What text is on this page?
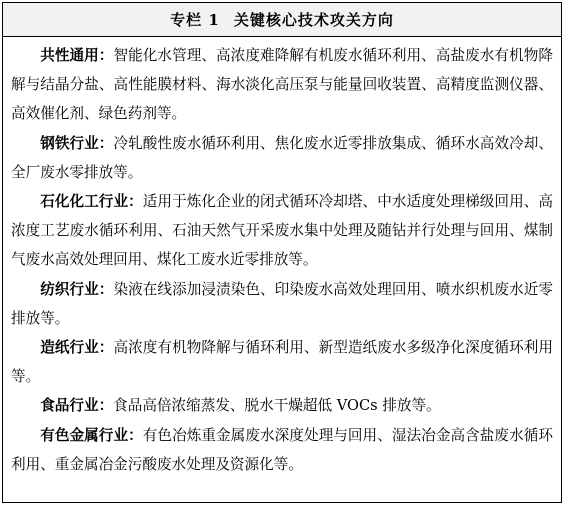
专栏 1 关键核心技术攻关方向

共性通用：智能化水管理、高浓度难降解有机废水循环利用、高盐废水有机物降解与结晶分盐、高性能膜材料、海水淡化高压泵与能量回收装置、高精度监测仪器、高效催化剂、绿色药剂等。

钢铁行业：冷轧酸性废水循环利用、焦化废水近零排放集成、循环水高效冷却、全厂废水零排放等。

石化化工行业：适用于炼化企业的闭式循环冷却塔、中水适度处理梯级回用、高浓度工艺废水循环利用、石油天然气开采废水集中处理及随钻并行处理与回用、煤制气废水高效处理回用、煤化工废水近零排放等。

纺织行业：染液在线添加浸渍染色、印染废水高效处理回用、喷水织机废水近零排放等。

造纸行业：高浓度有机物降解与循环利用、新型造纸废水多级净化深度循环利用等。

食品行业：食品高倍浓缩蒸发、脱水干燥超低 VOCs 排放等。

有色金属行业：有色冶炼重金属废水深度处理与回用、湿法冶金高含盐废水循环利用、重金属冶金污酸废水处理及资源化等。
